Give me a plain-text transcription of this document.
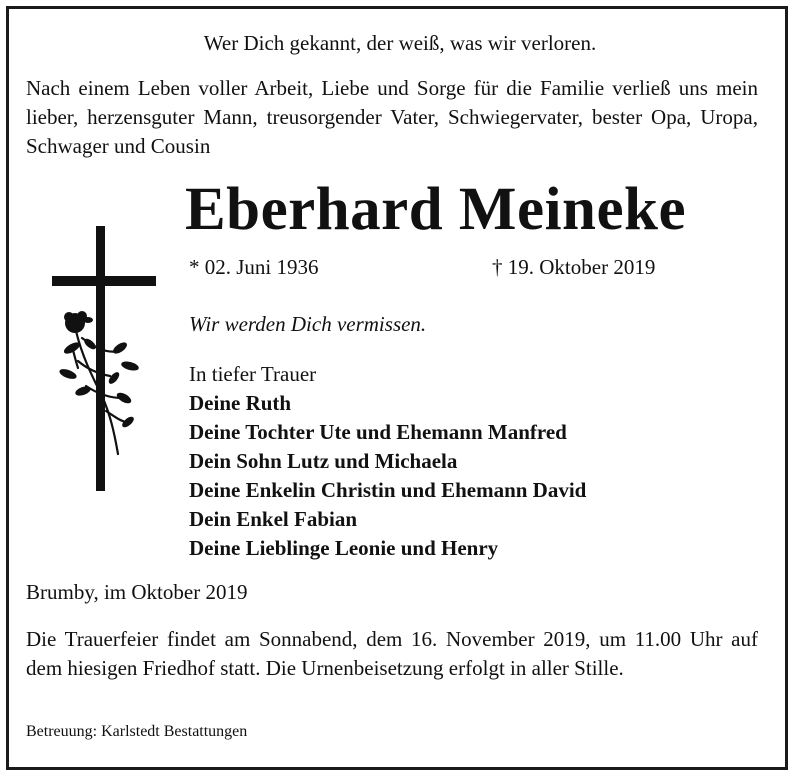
Wer Dich gekannt, der weiß, was wir verloren.
Nach einem Leben voller Arbeit, Liebe und Sorge für die Familie verließ uns mein lieber, herzensguter Mann, treusorgender Vater, Schwiegervater, bester Opa, Uropa, Schwager und Cousin
Eberhard Meineke
* 02. Juni 1936	† 19. Oktober 2019
Wir werden Dich vermissen.
In tiefer Trauer
Deine Ruth
Deine Tochter Ute und Ehemann Manfred
Dein Sohn Lutz und Michaela
Deine Enkelin Christin und Ehemann David
Dein Enkel Fabian
Deine Lieblinge Leonie und Henry
Brumby, im Oktober 2019
Die Trauerfeier findet am Sonnabend, dem 16. November 2019, um 11.00 Uhr auf dem hiesigen Friedhof statt. Die Urnenbeisetzung erfolgt in aller Stille.
Betreuung: Karlstedt Bestattungen
